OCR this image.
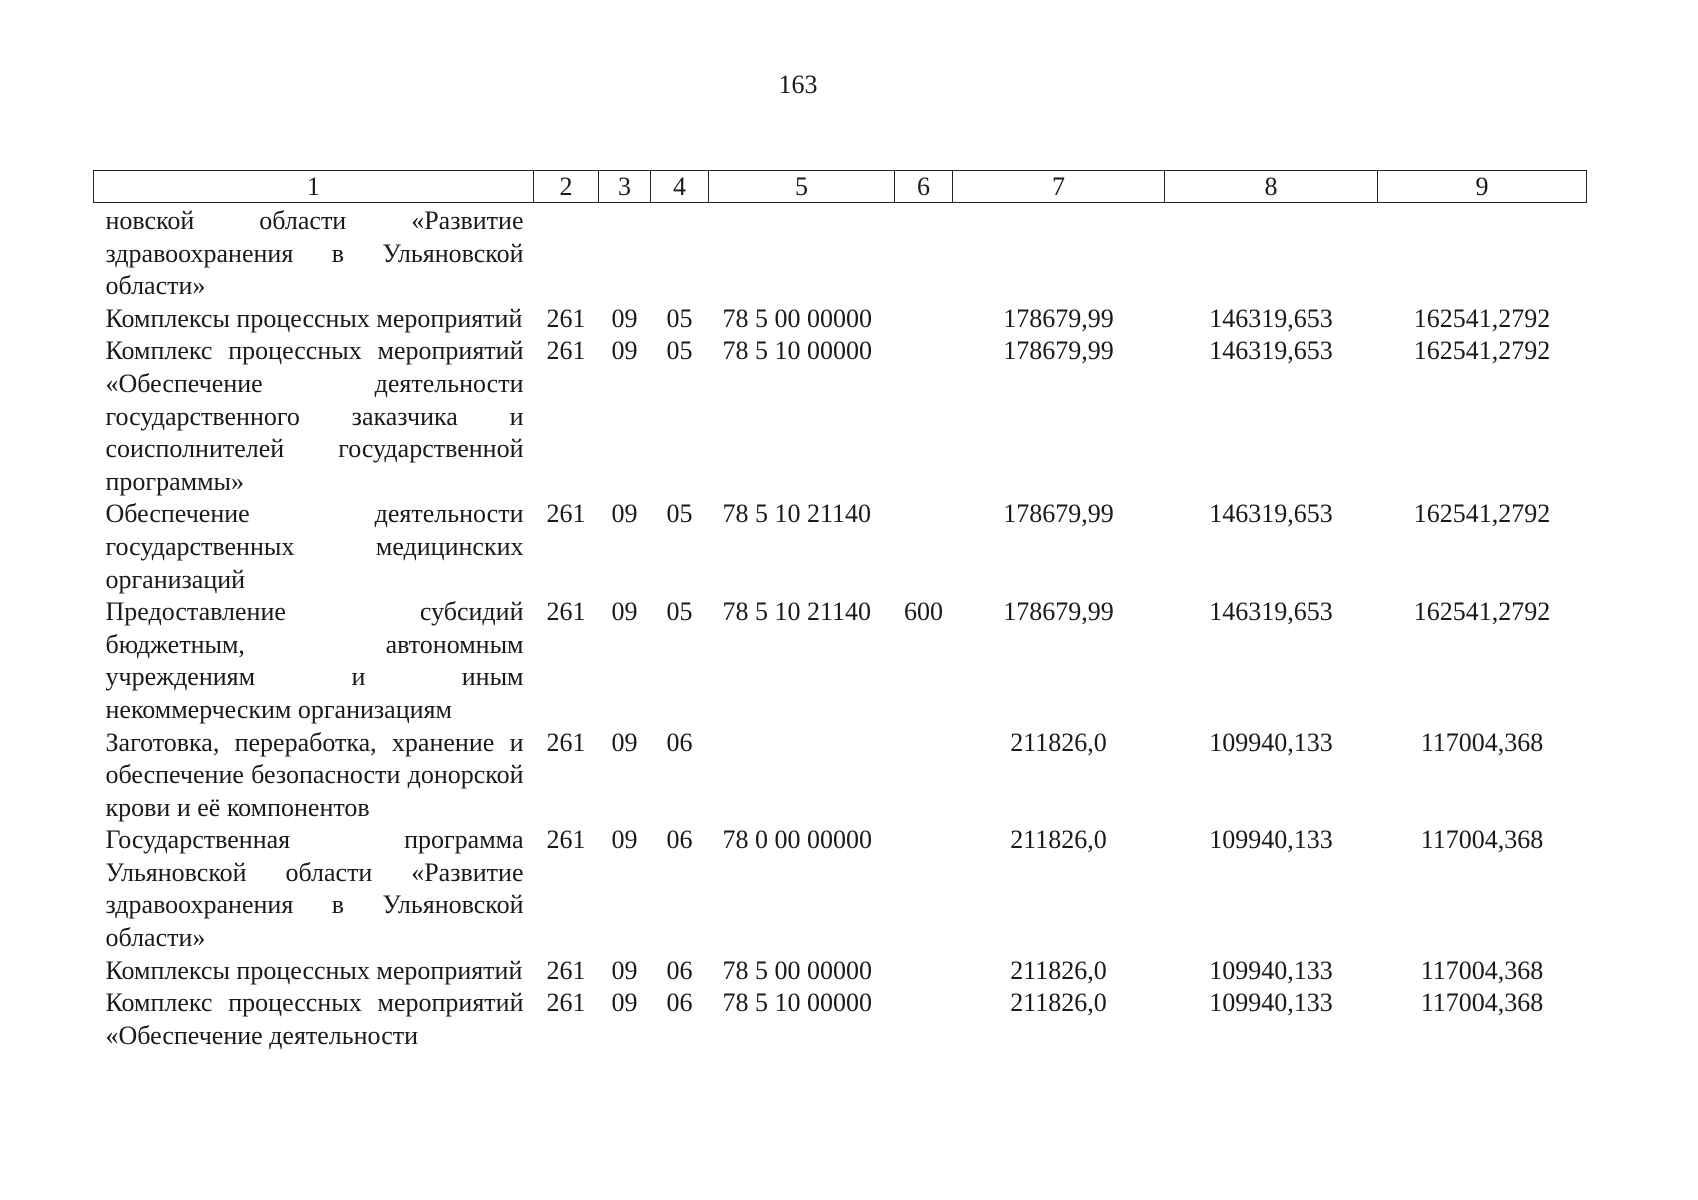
163
1	2	3	4	5	6	7	8	9
новской области «Развитие здравоохранения в Ульяновской области»								
Комплексы процессных мероприятий	261	09	05	78 5 00 00000		178679,99	146319,653	162541,2792
Комплекс процессных мероприятий «Обеспечение деятельности государственного заказчика и соисполнителей государственной программы»	261	09	05	78 5 10 00000		178679,99	146319,653	162541,2792
Обеспечение деятельности государственных медицинских организаций	261	09	05	78 5 10 21140		178679,99	146319,653	162541,2792
Предоставление субсидий бюджетным, автономным учреждениям и иным некоммерческим организациям	261	09	05	78 5 10 21140	600	178679,99	146319,653	162541,2792
Заготовка, переработка, хранение и обеспечение безопасности донорской крови и её компонентов	261	09	06			211826,0	109940,133	117004,368
Государственная программа Ульяновской области «Развитие здравоохранения в Ульяновской области»	261	09	06	78 0 00 00000		211826,0	109940,133	117004,368
Комплексы процессных мероприятий	261	09	06	78 5 00 00000		211826,0	109940,133	117004,368
Комплекс процессных мероприятий «Обеспечение деятельности	261	09	06	78 5 10 00000		211826,0	109940,133	117004,368
